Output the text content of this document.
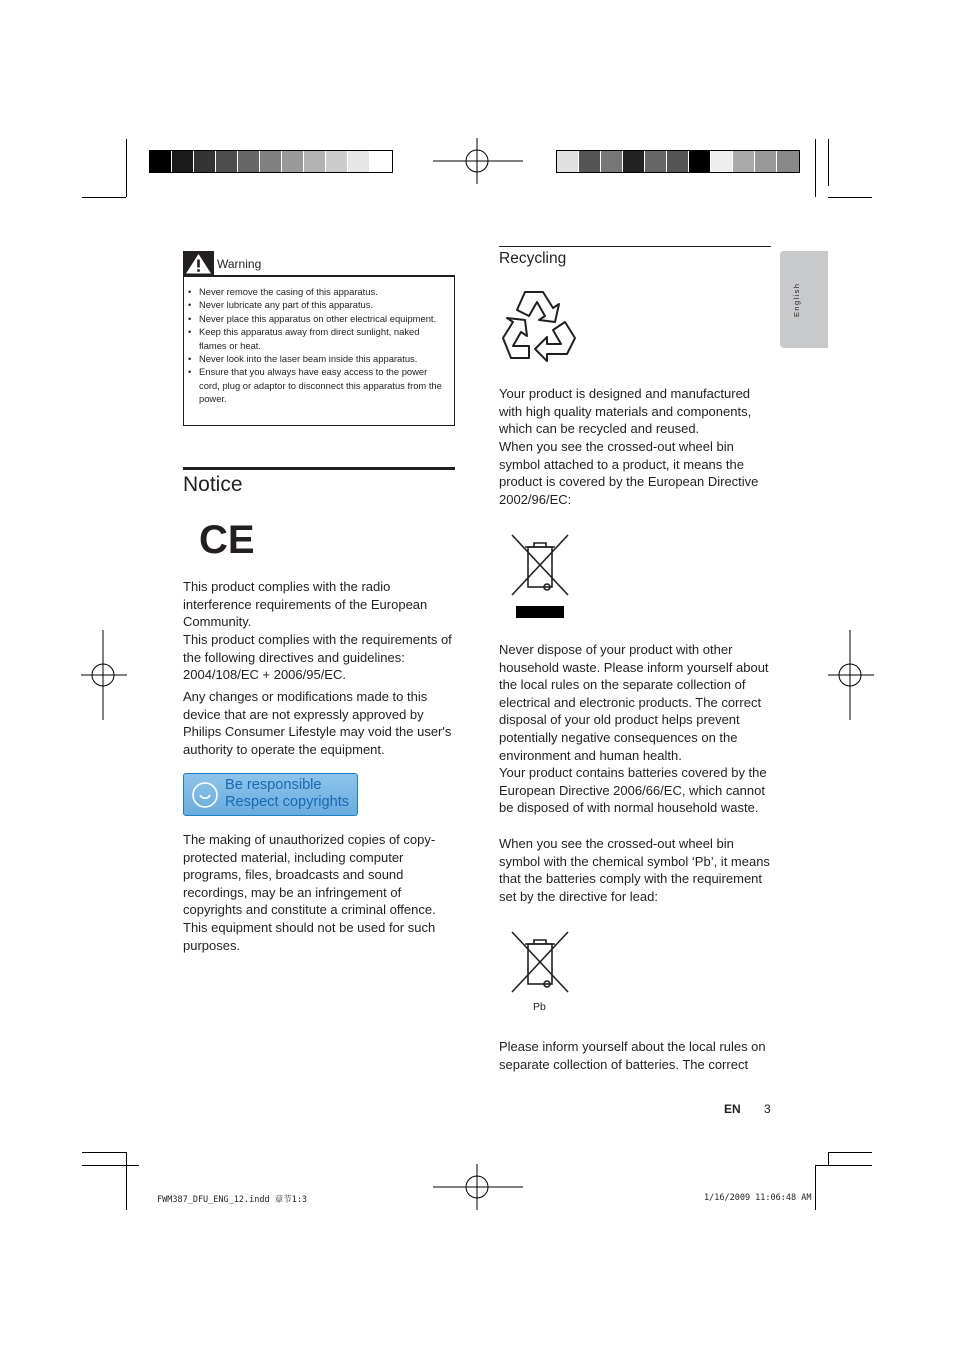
Warning
• Never remove the casing of this apparatus.
• Never lubricate any part of this apparatus.
• Never place this apparatus on other electrical equipment.
• Keep this apparatus away from direct sunlight, naked flames or heat.
• Never look into the laser beam inside this apparatus.
• Ensure that you always have easy access to the power cord, plug or adaptor to disconnect this apparatus from the power.
Notice
CE
This product complies with the radio interference requirements of the European Community.
This product complies with the requirements of the following directives and guidelines: 2004/108/EC + 2006/95/EC.
Any changes or modifications made to this device that are not expressly approved by Philips Consumer Lifestyle may void the user's authority to operate the equipment.
Be responsible
Respect copyrights
The making of unauthorized copies of copy-protected material, including computer programs, files, broadcasts and sound recordings, may be an infringement of copyrights and constitute a criminal offence. This equipment should not be used for such purposes.
Recycling
Your product is designed and manufactured with high quality materials and components, which can be recycled and reused.
When you see the crossed-out wheel bin symbol attached to a product, it means the product is covered by the European Directive 2002/96/EC:
Never dispose of your product with other household waste. Please inform yourself about the local rules on the separate collection of electrical and electronic products. The correct disposal of your old product helps prevent potentially negative consequences on the environment and human health.
Your product contains batteries covered by the European Directive 2006/66/EC, which cannot be disposed of with normal household waste.
When you see the crossed-out wheel bin symbol with the chemical symbol ‘Pb’, it means that the batteries comply with the requirement set by the directive for lead:
Pb
Please inform yourself about the local rules on separate collection of batteries. The correct
English
EN 3
FWM387_DFU_ENG_12.indd 章节1:3	1/16/2009 11:06:48 AM
